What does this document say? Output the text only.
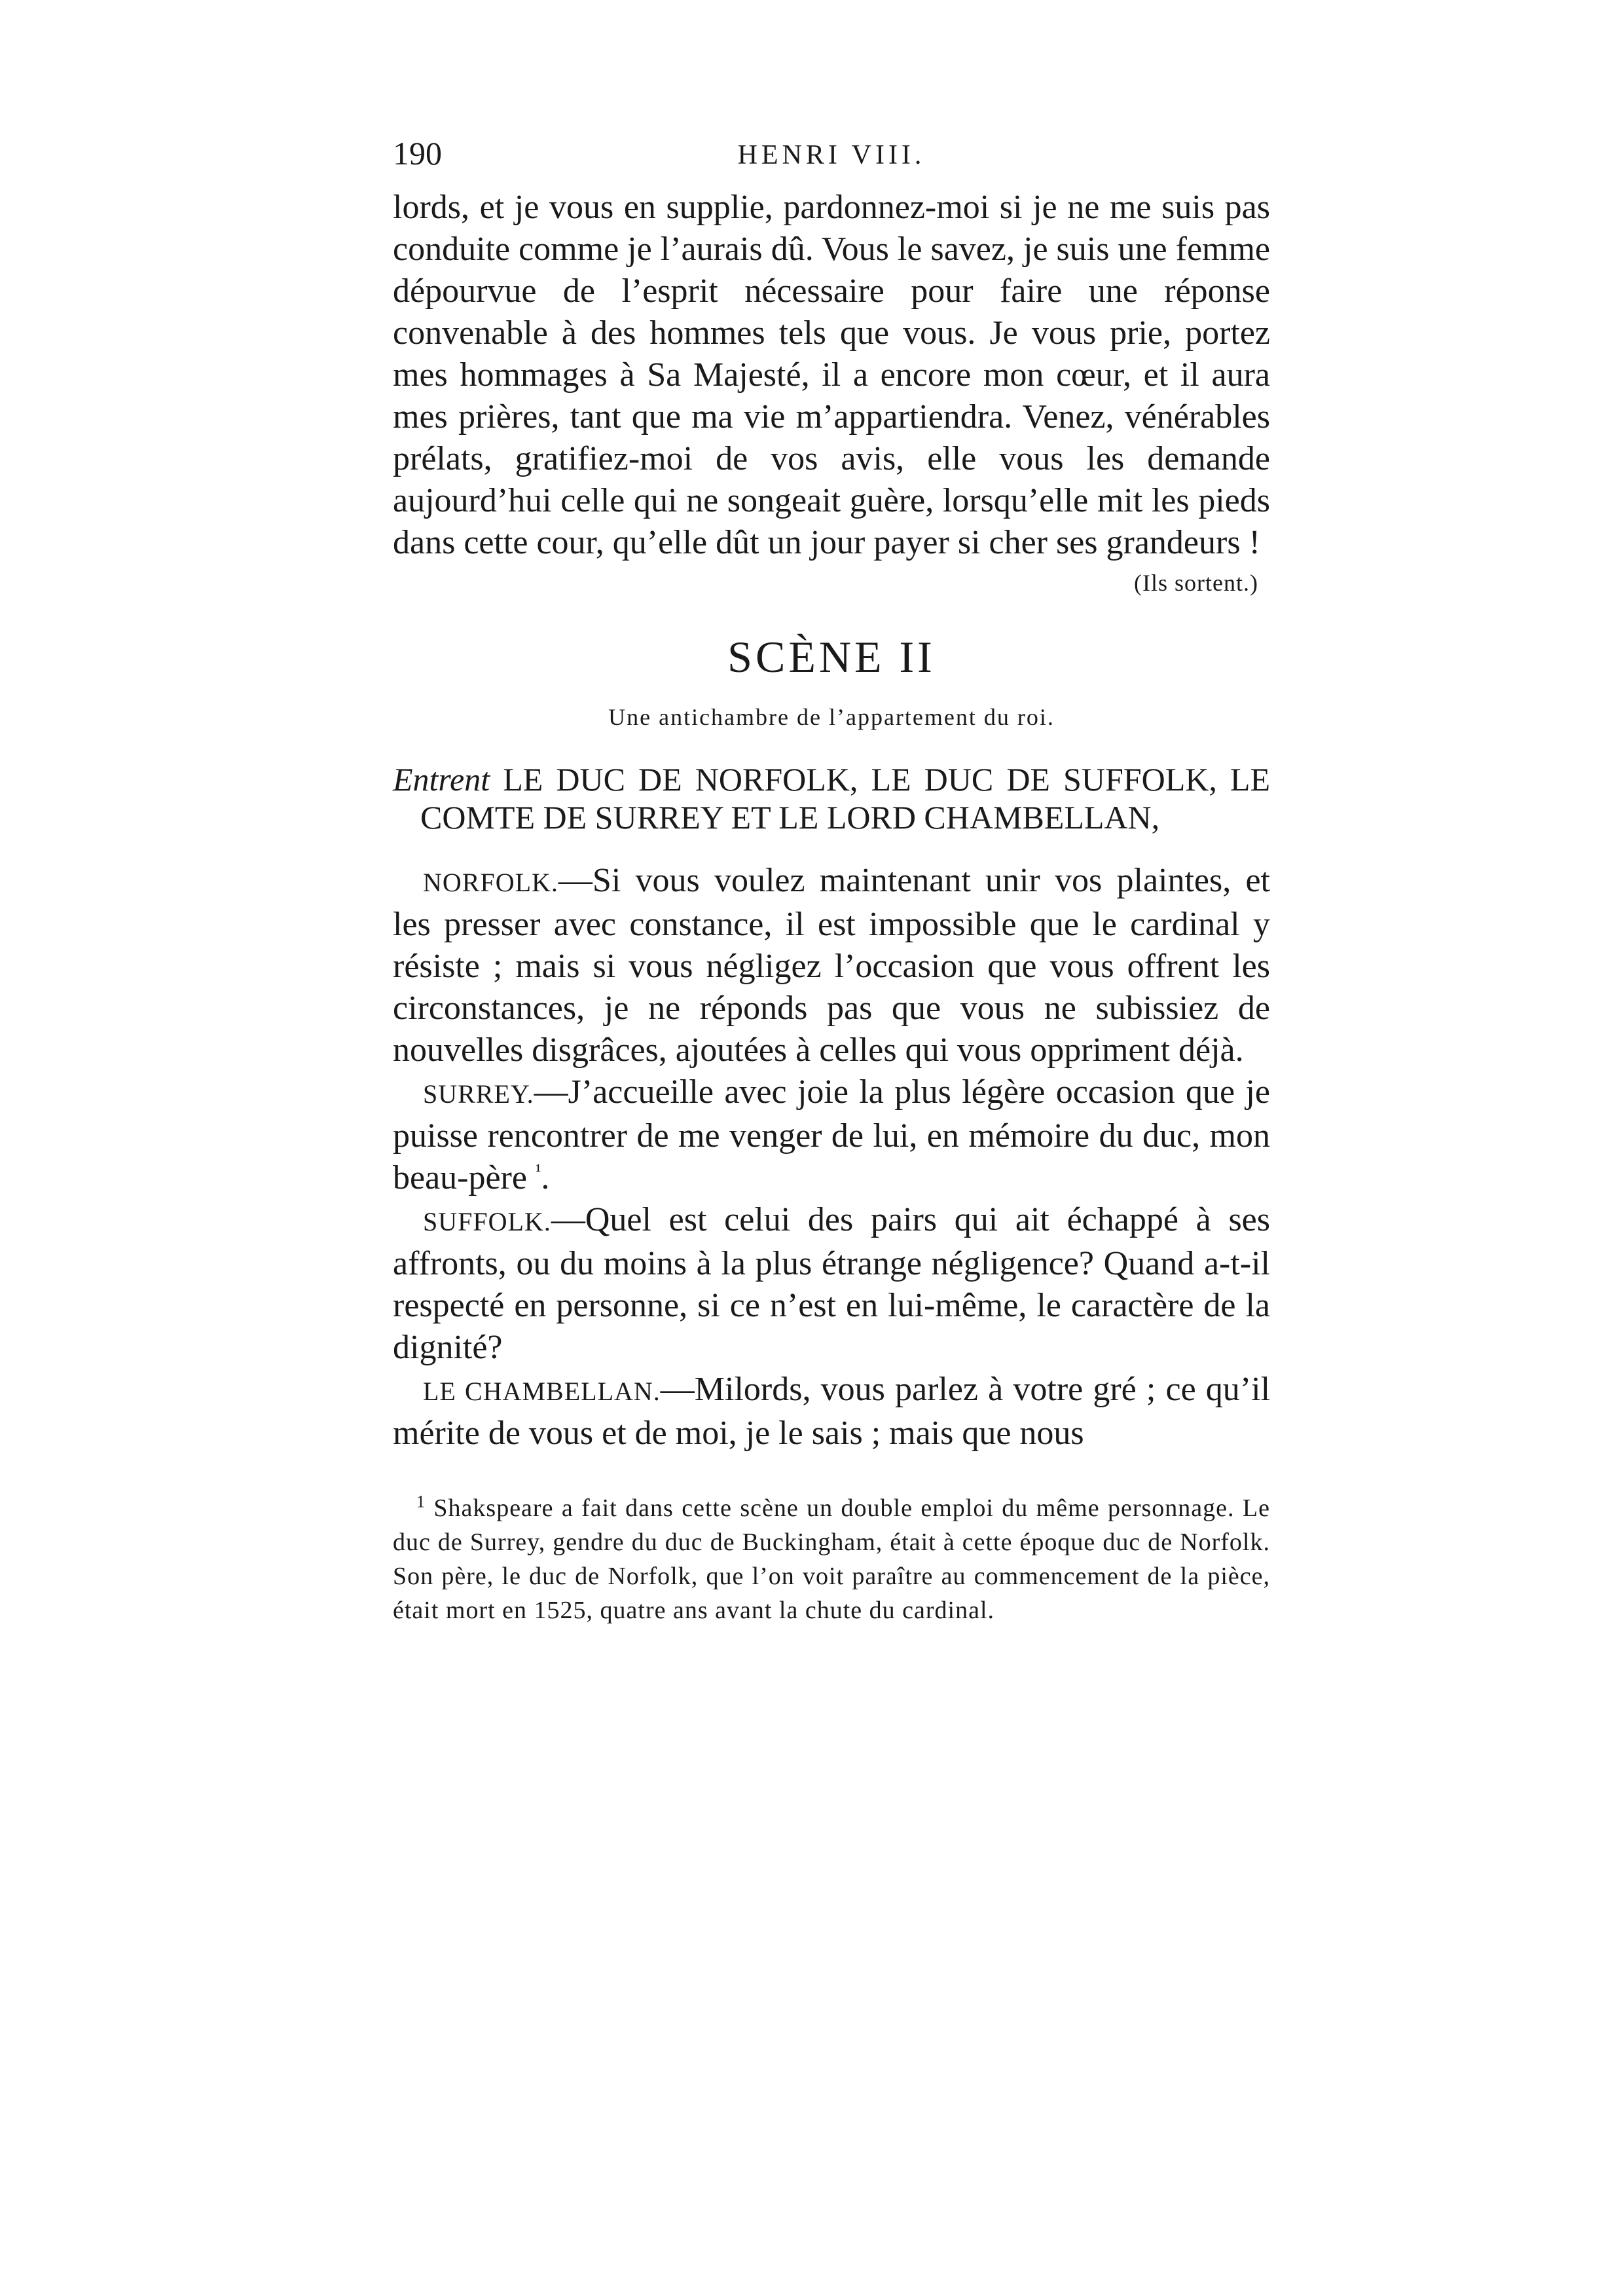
190	HENRI VIII.

lords, et je vous en supplie, pardonnez-moi si je ne me suis pas conduite comme je l’aurais dû. Vous le savez, je suis une femme dépourvue de l’esprit nécessaire pour faire une réponse convenable à des hommes tels que vous. Je vous prie, portez mes hommages à Sa Majesté, il a encore mon cœur, et il aura mes prières, tant que ma vie m’appartiendra. Venez, vénérables prélats, gratifiez-moi de vos avis, elle vous les demande aujourd’hui celle qui ne songeait guère, lorsqu’elle mit les pieds dans cette cour, qu’elle dût un jour payer si cher ses grandeurs !

(Ils sortent.)
SCÈNE II
Une antichambre de l’appartement du roi.

Entrent LE DUC DE NORFOLK, LE DUC DE SUFFOLK, LE COMTE DE SURREY ET LE LORD CHAMBELLAN,

NORFOLK.—Si vous voulez maintenant unir vos plaintes, et les presser avec constance, il est impossible que le cardinal y résiste ; mais si vous négligez l’occasion que vous offrent les circonstances, je ne réponds pas que vous ne subissiez de nouvelles disgrâces, ajoutées à celles qui vous oppriment déjà.

SURREY.—J’accueille avec joie la plus légère occasion que je puisse rencontrer de me venger de lui, en mémoire du duc, mon beau-père $^{^1}$.

SUFFOLK.—Quel est celui des pairs qui ait échappé à ses affronts, ou du moins à la plus étrange négligence? Quand a-t-il respecté en personne, si ce n’est en lui-même, le caractère de la dignité?

LE CHAMBELLAN.—Milords, vous parlez à votre gré ; ce qu’il mérite de vous et de moi, je le sais ; mais que nous

$^1$ Shakspeare a fait dans cette scène un double emploi du même personnage. Le duc de Surrey, gendre du duc de Buckingham, était à cette époque duc de Norfolk. Son père, le duc de Norfolk, que l’on voit paraître au commencement de la pièce, était mort en 1525, quatre ans avant la chute du cardinal.
